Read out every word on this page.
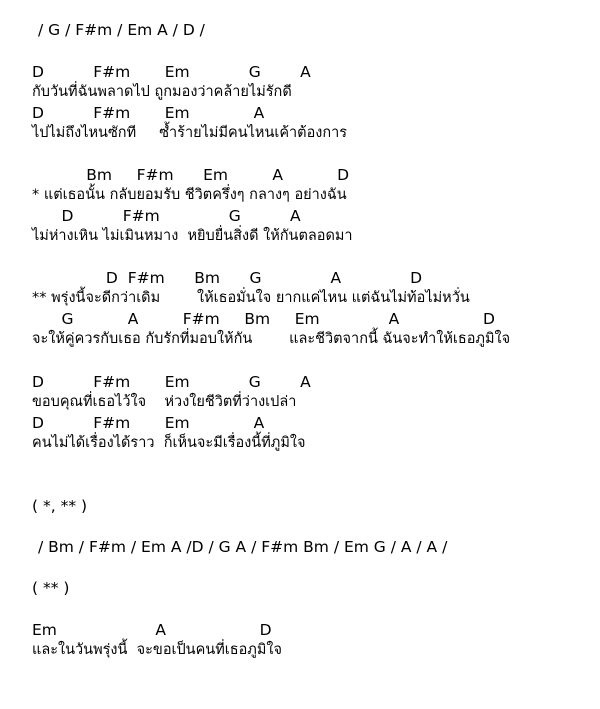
/ G / F#m / Em A / D /

D          F#m       Em            G        A

กับวันที่ฉันพลาดไป ถูกมองว่าคล้ายไม่รักดี

D          F#m       Em             A

ไปไม่ถึงไหนซักที     ซ้ำร้ายไม่มีคนไหนเค้าต้องการ

Bm     F#m      Em         A           D

* แต่เธอนั้น กลับยอมรับ ชีวิตครึ่งๆ กลางๆ อย่างฉัน

D          F#m              G          A

ไม่ห่างเหิน ไม่เมินหมาง  หยิบยื่นสิ่งดี ให้กันตลอดมา

D  F#m      Bm      G              A              D

** พรุ่งนี้จะดีกว่าเดิม        ให้เธอมั่นใจ ยากแค่ไหน แต่ฉันไม่ท้อไม่หวั่น

G           A         F#m     Bm     Em              A                 D

จะให้คู่ควรกับเธอ กับรักที่มอบให้กัน        และชีวิตจากนี้ ฉันจะทำให้เธอภูมิใจ

D          F#m       Em            G        A

ขอบคุณที่เธอไว้ใจ    ห่วงใยชีวิตที่ว่างเปล่า

D          F#m       Em             A

คนไม่ได้เรื่องได้ราว  ก็เห็นจะมีเรื่องนี้ที่ภูมิใจ

( *, ** )

/ Bm / F#m / Em A /D / G A / F#m Bm / Em G / A / A /

( ** )

Em                    A                   D

และในวันพรุ่งนี้  จะขอเป็นคนที่เธอภูมิใจ
